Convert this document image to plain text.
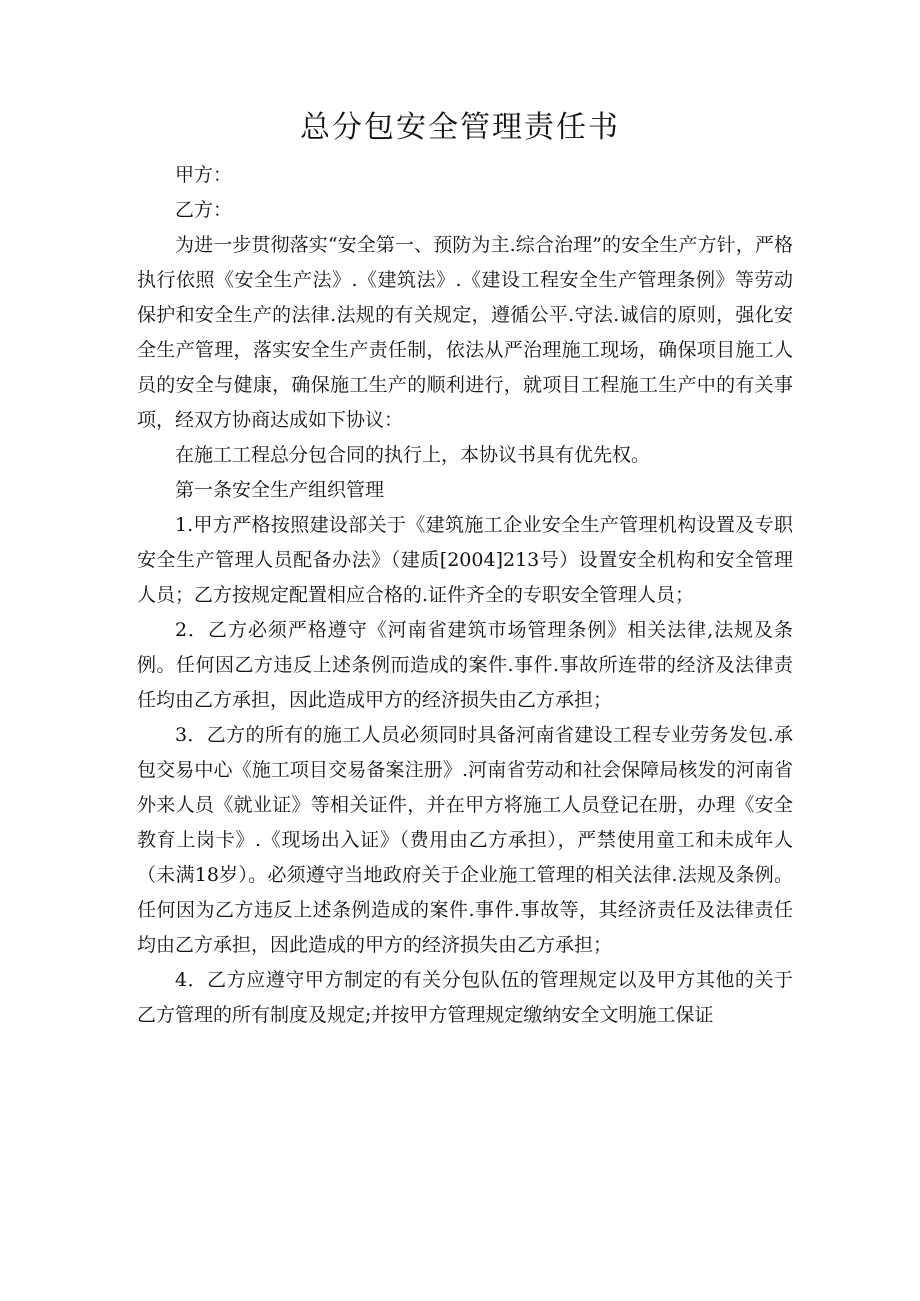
总分包安全管理责任书

甲方：

乙方：

为进一步贯彻落实“安全第一、预防为主.综合治理”的安全生产方针，严格执行依照《安全生产法》.《建筑法》.《建设工程安全生产管理条例》等劳动保护和安全生产的法律.法规的有关规定，遵循公平.守法.诚信的原则，强化安全生产管理，落实安全生产责任制，依法从严治理施工现场，确保项目施工人员的安全与健康，确保施工生产的顺利进行，就项目工程施工生产中的有关事项，经双方协商达成如下协议：

在施工工程总分包合同的执行上，本协议书具有优先权。

第一条安全生产组织管理

1.甲方严格按照建设部关于《建筑施工企业安全生产管理机构设置及专职安全生产管理人员配备办法》（建质[2004]213号）设置安全机构和安全管理人员；乙方按规定配置相应合格的.证件齐全的专职安全管理人员；

2．乙方必须严格遵守《河南省建筑市场管理条例》相关法律,法规及条例。任何因乙方违反上述条例而造成的案件.事件.事故所连带的经济及法律责任均由乙方承担，因此造成甲方的经济损失由乙方承担；

3．乙方的所有的施工人员必须同时具备河南省建设工程专业劳务发包.承包交易中心《施工项目交易备案注册》.河南省劳动和社会保障局核发的河南省外来人员《就业证》等相关证件，并在甲方将施工人员登记在册，办理《安全教育上岗卡》.《现场出入证》（费用由乙方承担），严禁使用童工和未成年人（未满18岁）。必须遵守当地政府关于企业施工管理的相关法律.法规及条例。任何因为乙方违反上述条例造成的案件.事件.事故等，其经济责任及法律责任均由乙方承担，因此造成的甲方的经济损失由乙方承担；

4．乙方应遵守甲方制定的有关分包队伍的管理规定以及甲方其他的关于乙方管理的所有制度及规定;并按甲方管理规定缴纳安全文明施工保证
